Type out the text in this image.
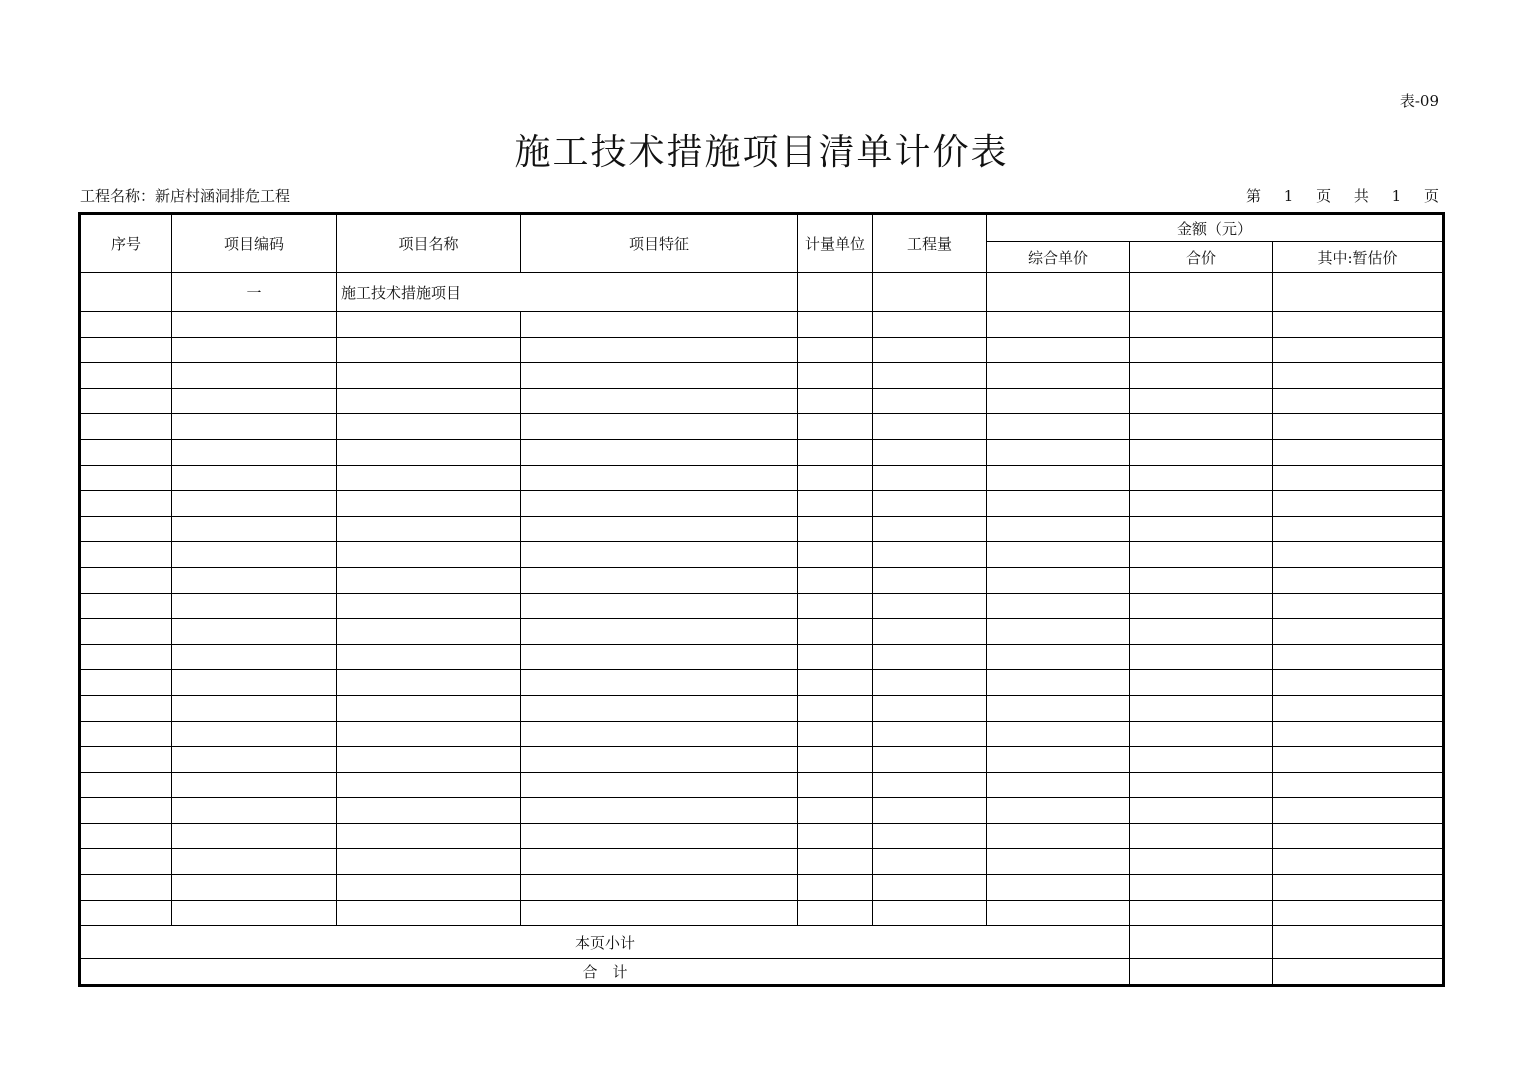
表-09
施工技术措施项目清单计价表
工程名称：新店村涵洞排危工程	第 1 页 共 1 页
序号	项目编码	项目名称	项目特征	计量单位	工程量	金额（元）		
						综合单价	合价	其中:暂估价
	一	施工技术措施项目						

本页小计								
合　计								
